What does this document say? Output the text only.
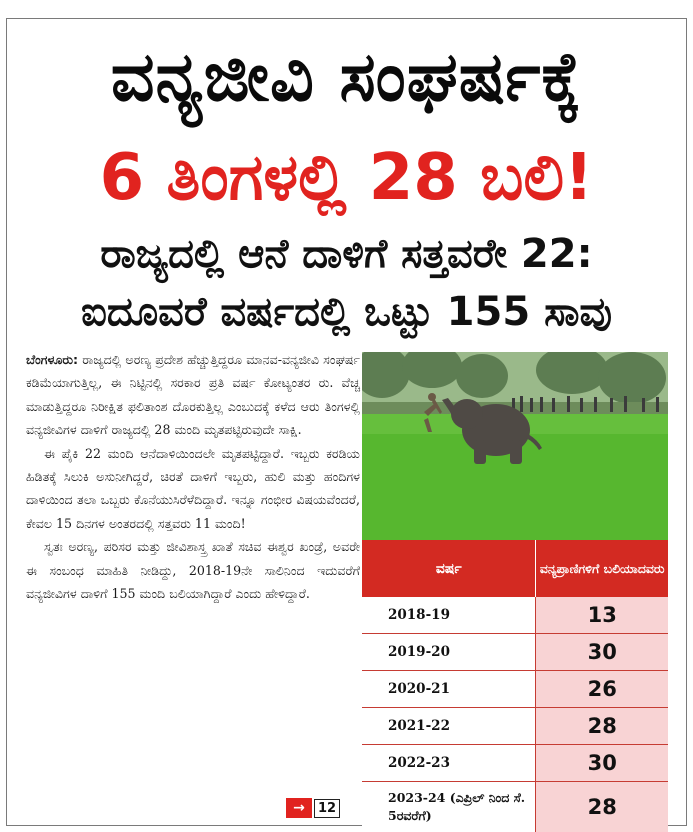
ವನ್ಯಜೀವಿ ಸಂಘರ್ಷಕ್ಕೆ
6 ತಿಂಗಳಲ್ಲಿ 28 ಬಲಿ!
ರಾಜ್ಯದಲ್ಲಿ ಆನೆ ದಾಳಿಗೆ ಸತ್ತವರೇ 22:
ಐದೂವರೆ ವರ್ಷದಲ್ಲಿ ಒಟ್ಟು 155 ಸಾವು

ಬೆಂಗಳೂರು: ರಾಜ್ಯದಲ್ಲಿ ಅರಣ್ಯ ಪ್ರದೇಶ ಹೆಚ್ಚುತ್ತಿದ್ದರೂ ಮಾನವ-ವನ್ಯಜೀವಿ ಸಂಘರ್ಷ ಕಡಿಮೆಯಾಗುತ್ತಿಲ್ಲ, ಈ ನಿಟ್ಟಿನಲ್ಲಿ ಸರಕಾರ ಪ್ರತಿ ವರ್ಷ ಕೋಟ್ಯಂತರ ರು. ವೆಚ್ಚ ಮಾಡುತ್ತಿದ್ದರೂ ನಿರೀಕ್ಷಿತ ಫಲಿತಾಂಶ ದೊರಕುತ್ತಿಲ್ಲ ಎಂಬುದಕ್ಕೆ ಕಳೆದ ಆರು ತಿಂಗಳಲ್ಲಿ ವನ್ಯಜೀವಿಗಳ ದಾಳಿಗೆ ರಾಜ್ಯದಲ್ಲಿ 28 ಮಂದಿ ಮೃತಪಟ್ಟಿರುವುದೇ ಸಾಕ್ಷಿ.

ಈ ಪೈಕಿ 22 ಮಂದಿ ಆನೆದಾಳಿಯಿಂದಲೇ ಮೃತಪಟ್ಟಿದ್ದಾರೆ. ಇಬ್ಬರು ಕರಡಿಯ ಹಿಡಿತಕ್ಕೆ ಸಿಲುಕಿ ಅಸುನೀಗಿದ್ದರೆ, ಚಿರತೆ ದಾಳಿಗೆ ಇಬ್ಬರು, ಹುಲಿ ಮತ್ತು ಹಂದಿಗಳ ದಾಳಿಯಿಂದ ತಲಾ ಒಬ್ಬರು ಕೊನೆಯುಸಿರೆಳೆದಿದ್ದಾರೆ. ಇನ್ನೂ ಗಂಭೀರ ವಿಷಯವೆಂದರೆ, ಕೇವಲ 15 ದಿನಗಳ ಅಂತರದಲ್ಲಿ ಸತ್ತವರು 11 ಮಂದಿ!

ಸ್ವತಃ ಅರಣ್ಯ, ಪರಿಸರ ಮತ್ತು ಜೀವಿಶಾಸ್ತ್ರ ಖಾತೆ ಸಚಿವ ಈಶ್ವರ ಖಂಡ್ರೆ, ಅವರೇ ಈ ಸಂಬಂಧ ಮಾಹಿತಿ ನೀಡಿದ್ದು, 2018-19ನೇ ಸಾಲಿನಿಂದ ಇದುವರೆಗೆ ವನ್ಯಜೀವಿಗಳ ದಾಳಿಗೆ 155 ಮಂದಿ ಬಲಿಯಾಗಿದ್ದಾರೆ ಎಂದು ಹೇಳಿದ್ದಾರೆ.

→	12
ವರ್ಷ	ವನ್ಯಪ್ರಾಣಿಗಳಿಗೆ ಬಲಿಯಾದವರು
2018-19	13
2019-20	30
2020-21	26
2021-22	28
2022-23	30
2023-24 (ಎಪ್ರಿಲ್ ನಿಂದ ಸೆ. 5ರವರೆಗೆ)	28
